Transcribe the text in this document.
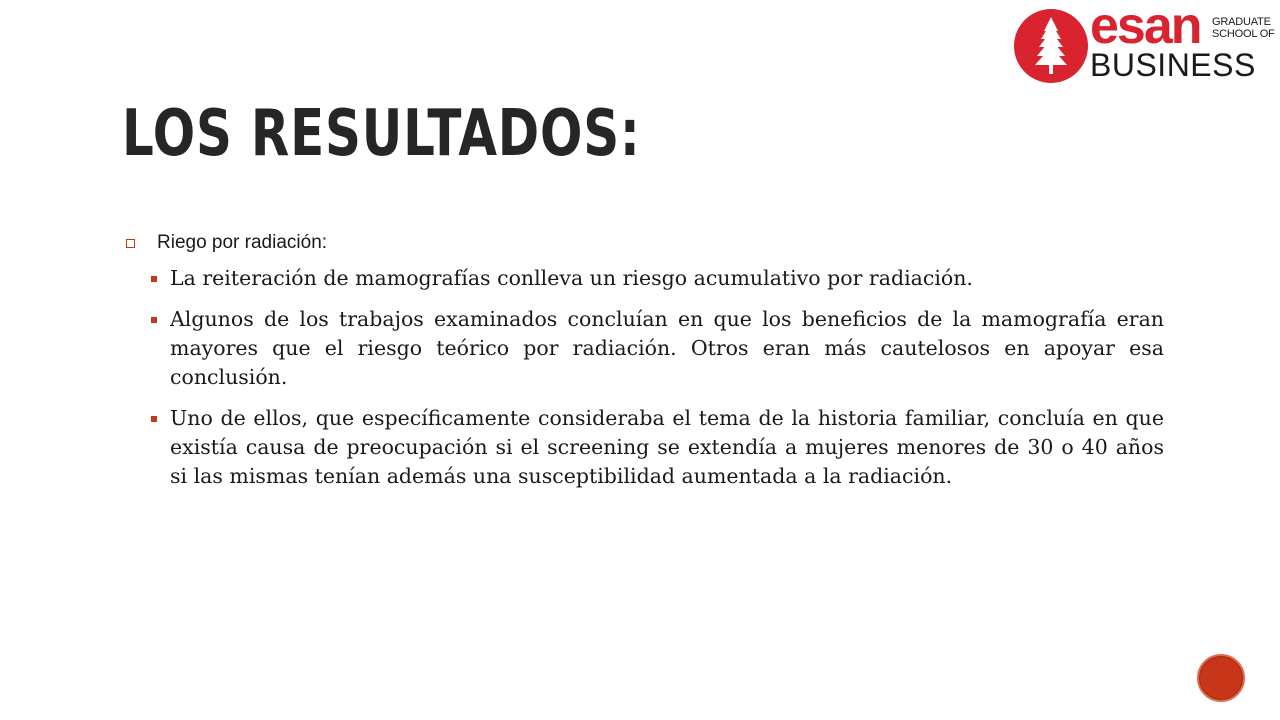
esan GRADUATE
SCHOOL OF
BUSINESS
LOS RESULTADOS:
Riego por radiación:
La reiteración de mamografías conlleva un riesgo acumulativo por radiación.
Algunos de los trabajos examinados concluían en que los beneficios de la mamografía eran mayores que el riesgo teórico por radiación. Otros eran más cautelosos en apoyar esa conclusión.
Uno de ellos, que específicamente consideraba el tema de la historia familiar, concluía en que existía causa de preocupación si el screening se extendía a mujeres menores de 30 o 40 años si las mismas tenían además una susceptibilidad aumentada a la radiación.
